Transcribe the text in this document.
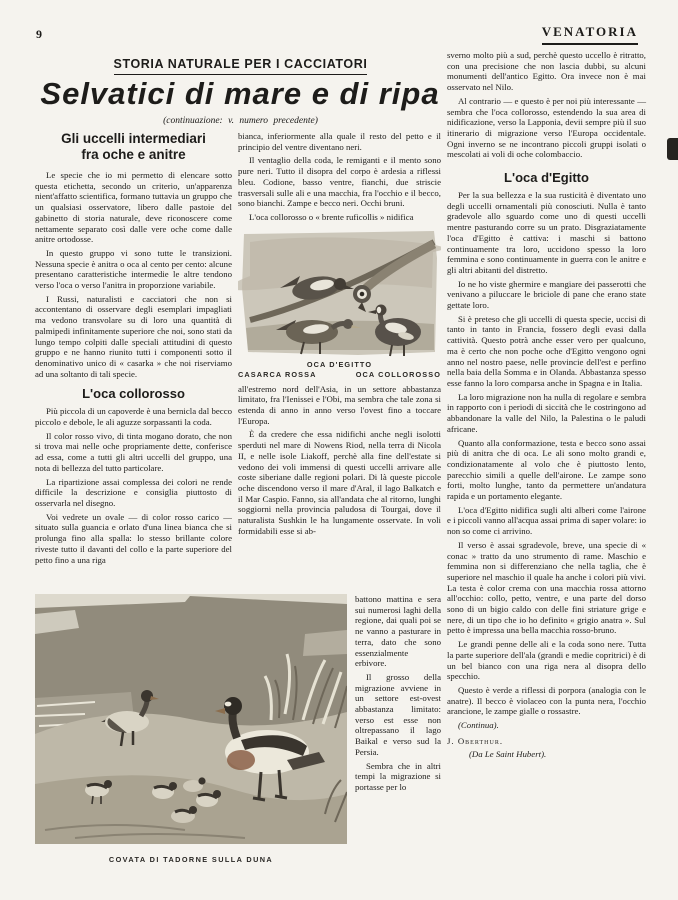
9	VENATORIA
STORIA NATURALE PER I CACCIATORI
Selvatici di mare e di ripa
(continuazione: v. numero precedente)
Gli uccelli intermediari
fra oche e anitre

Le specie che io mi permetto di elencare sotto questa etichetta, secondo un criterio, un'apparenza nient'affatto scientifica, formano tuttavia un gruppo che un qualsiasi osservatore, libero dalle pastoie del gabinetto di storia naturale, deve riconoscere come nettamente separato così dalle vere oche come dalle anitre ortodosse.

In questo gruppo vi sono tutte le transizioni. Nessuna specie è anitra o oca al cento per cento: alcune presentano caratteristiche intermedie le altre tendono verso l'oca o verso l'anitra in proporzione variabile.

I Russi, naturalisti e cacciatori che non si accontentano di osservare degli esemplari impagliati ma vedono transvolare su di loro una quantità di palmipedi infinitamente superiore che noi, sono stati da lungo tempo colpiti dalle speciali attitudini di questo gruppo e ne hanno riunito tutti i componenti sotto il denominativo unico di « casarka » che noi riserviamo ad una soltanto di tali specie.

L'oca collorosso

Più piccola di un capoverde è una bernicla dal becco piccolo e debole, le ali aguzze sorpassanti la coda.

Il color rosso vivo, di tinta mogano dorato, che non si trova mai nelle oche propriamente dette, conferisce ad essa, come a tutti gli altri uccelli del gruppo, una nota di bellezza del tutto particolare.

La ripartizione assai complessa dei colori ne rende difficile la descrizione e consiglia piuttosto di osservarla nel disegno.

Voi vedrete un ovale — di color rosso carico — situato sulla guancia e orlato d'una linea bianca che si prolunga fino alla spalla: lo stesso brillante colore riveste tutto il davanti del collo e la parte superiore del petto fino a una riga

bianca, inferiormente alla quale il resto del petto e il principio del ventre diventano neri.

Il ventaglio della coda, le remiganti e il mento sono pure neri. Tutto il disopra del corpo è ardesia a riflessi bleu. Codione, basso ventre, fianchi, due striscie trasversali sulle ali e una macchia, fra l'occhio e il becco, sono bianchi. Zampe e becco neri. Occhi bruni.

L'oca collorosso o « brente ruficollis » nidifica

OCA D'EGITTO
CASARCA ROSSA	OCA COLLOROSSO

all'estremo nord dell'Asia, in un settore abbastanza limitato, fra l'Ienissei e l'Obi, ma sembra che tale zona si estenda di anno in anno verso l'ovest fino a toccare l'Europa.

È da credere che essa nidifichi anche negli isolotti sperduti nel mare di Nowens Riod, nella terra di Nicola II, e nelle isole Liakoff, perchè alla fine dell'estate si vedono dei voli immensi di questi uccelli arrivare alle coste siberiane dalle regioni polari. Di là queste piccole oche discendono verso il mare d'Aral, il lago Balkatch e il Mar Caspio. Fanno, sia all'andata che al ritorno, lunghi soggiorni nella provincia paludosa di Tourgai, dove il naturalista Sushkin le ha lungamente osservate. In voli formidabili esse si ab-

battono mattina e sera sui numerosi laghi della regione, dai quali poi se ne vanno a pasturare in terra, dato che sono essenzialmente erbivore.

Il grosso della migrazione avviene in un settore est-ovest abbastanza limitato: verso est esse non oltrepassano il lago Baikal e verso sud la Persia.

Sembra che in altri tempi la migrazione si portasse per lo

COVATA DI TADORNE SULLA DUNA

sverno molto più a sud, perchè questo uccello è ritratto, con una precisione che non lascia dubbi, su alcuni monumenti dell'antico Egitto. Ora invece non è mai osservato nel Nilo.

Al contrario — e questo è per noi più interessante — sembra che l'oca collorosso, estendendo la sua area di nidificazione, verso la Lapponia, devii sempre più il suo itinerario di migrazione verso l'Europa occidentale. Ogni inverno se ne incontrano piccoli gruppi isolati o mescolati ai voli di oche colombaccio.

L'oca d'Egitto

Per la sua bellezza e la sua rusticità è diventato uno degli uccelli ornamentali più conosciuti. Nulla è tanto gradevole allo sguardo come uno di questi uccelli mentre pasturando corre su un prato. Disgraziatamente l'oca d'Egitto è cattiva: i maschi si battono continuamente tra loro, uccidono spesso la loro femmina e sono continuamente in guerra con le anitre e gli altri abitanti del distretto.

Io ne ho viste ghermire e mangiare dei passerotti che venivano a piluccare le briciole di pane che erano state gettate loro.

Si è preteso che gli uccelli di questa specie, uccisi di tanto in tanto in Francia, fossero degli evasi dalla cattività. Questo potrà anche esser vero per qualcuno, ma è certo che non poche oche d'Egitto vengono ogni anno nel nostro paese, nelle provincie dell'est e perfino nella baia della Somma e in Olanda. Abbastanza spesso esse fanno la loro comparsa anche in Spagna e in Italia.

La loro migrazione non ha nulla di regolare e sembra in rapporto con i periodi di siccità che le costringono ad abbandonare la valle del Nilo, la Palestina o le paludi africane.

Quanto alla conformazione, testa e becco sono assai più di anitra che di oca. Le ali sono molto grandi e, condizionatamente al volo che è piuttosto lento, parecchio simili a quelle dell'airone. Le zampe sono forti, molto lunghe, tanto da permettere un'andatura rapida e un portamento elegante.

L'oca d'Egitto nidifica sugli alti alberi come l'airone e i piccoli vanno all'acqua assai prima di saper volare: io non so come ci arrivino.

Il verso è assai sgradevole, breve, una specie di « conac » tratto da uno strumento di rame. Maschio e femmina non si differenziano che nella taglia, che è superiore nel maschio il quale ha anche i colori più vivi. La testa è color crema con una macchia rossa attorno all'occhio: collo, petto, ventre, e una parte del dorso sono di un bigio caldo con delle fini striature grige e nere, di un tipo che io ho definito « grigio anatra ». Sul petto è impressa una bella macchia rosso-bruno.

Le grandi penne delle ali e la coda sono nere. Tutta la parte superiore dell'ala (grandi e medie copritrici) è di un bel bianco con una riga nera al disopra dello specchio.

Questo è verde a riflessi di porpora (analogia con le anatre). Il becco è violaceo con la punta nera, l'occhio arancione, le zampe gialle o rossastre.

(Continua).

J. Oberthur.

(Da Le Saint Hubert).
